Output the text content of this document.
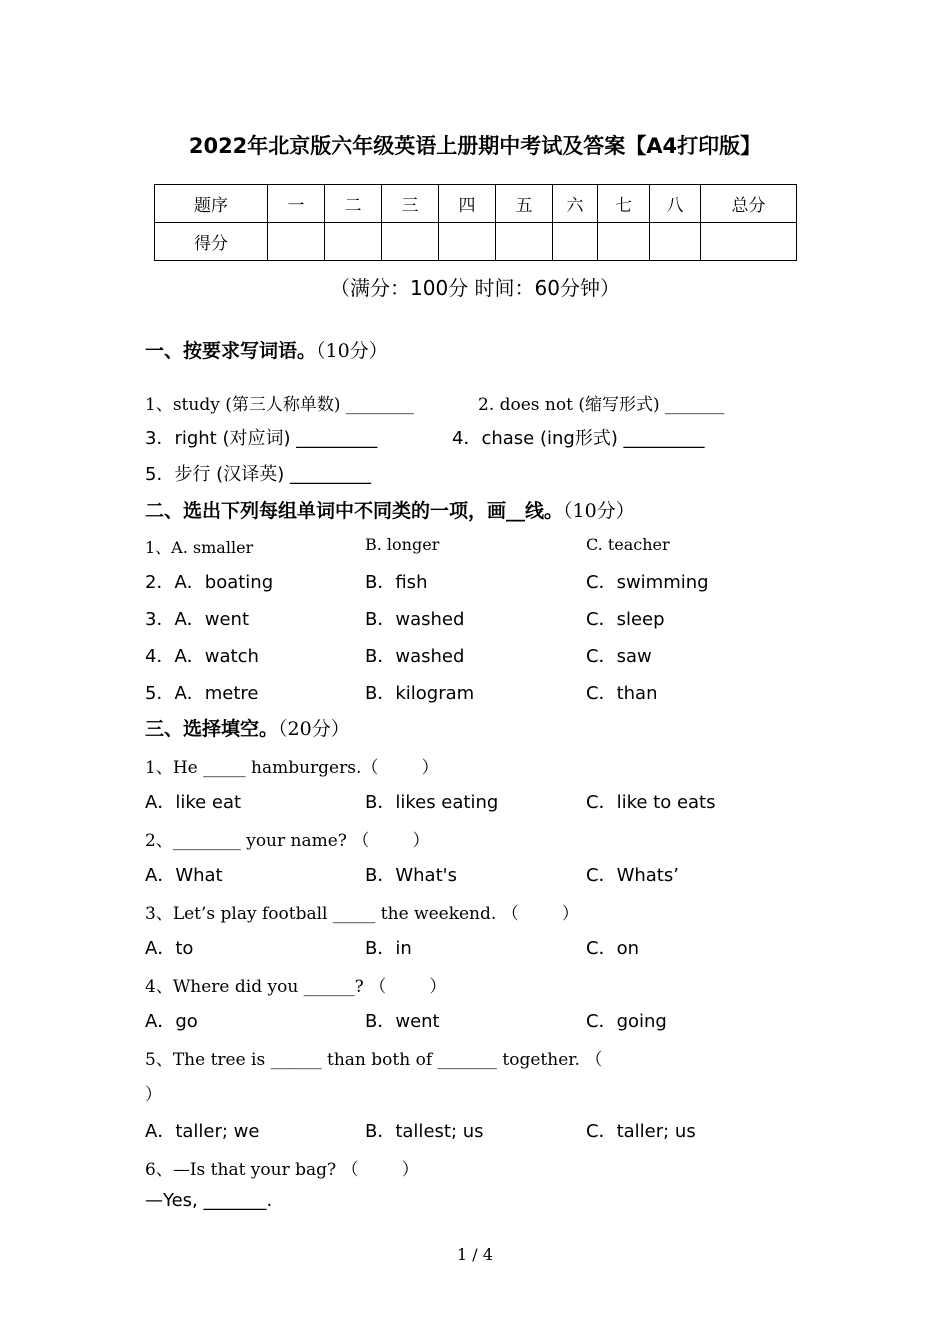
2022年北京版六年级英语上册期中考试及答案【A4打印版】
题序	一	二	三	四	五	六	七	八	总分
得分									
（满分：100分 时间：60分钟）
一、按要求写词语。（10分）
1、study (第三人称单数) ________	2. does not (缩写形式) _______
3．right (对应词) _________	4．chase (ing形式) _________
5．步行 (汉译英) _________
二、选出下列每组单词中不同类的一项，画__线。（10分）
1、A. smaller	B. longer	C. teacher
2．A．boating	B．fish	C．swimming
3．A．went	B．washed	C．sleep
4．A．watch	B．washed	C．saw
5．A．metre	B．kilogram	C．than
三、选择填空。（20分）
1、He _____ hamburgers.（        ）
A．like eat	B．likes eating	C．like to eats
2、________ your name? （        ）
A．What	B．What's	C．Whats’
3、Let’s play football _____ the weekend. （        ）
A．to	B．in	C．on
4、Where did you ______? （        ）
A．go	B．went	C．going
5、The tree is ______ than both of _______ together. （
）
A．taller; we	B．tallest; us	C．taller; us
6、—Is that your bag? （        ）
—Yes, _______.
1 / 4
